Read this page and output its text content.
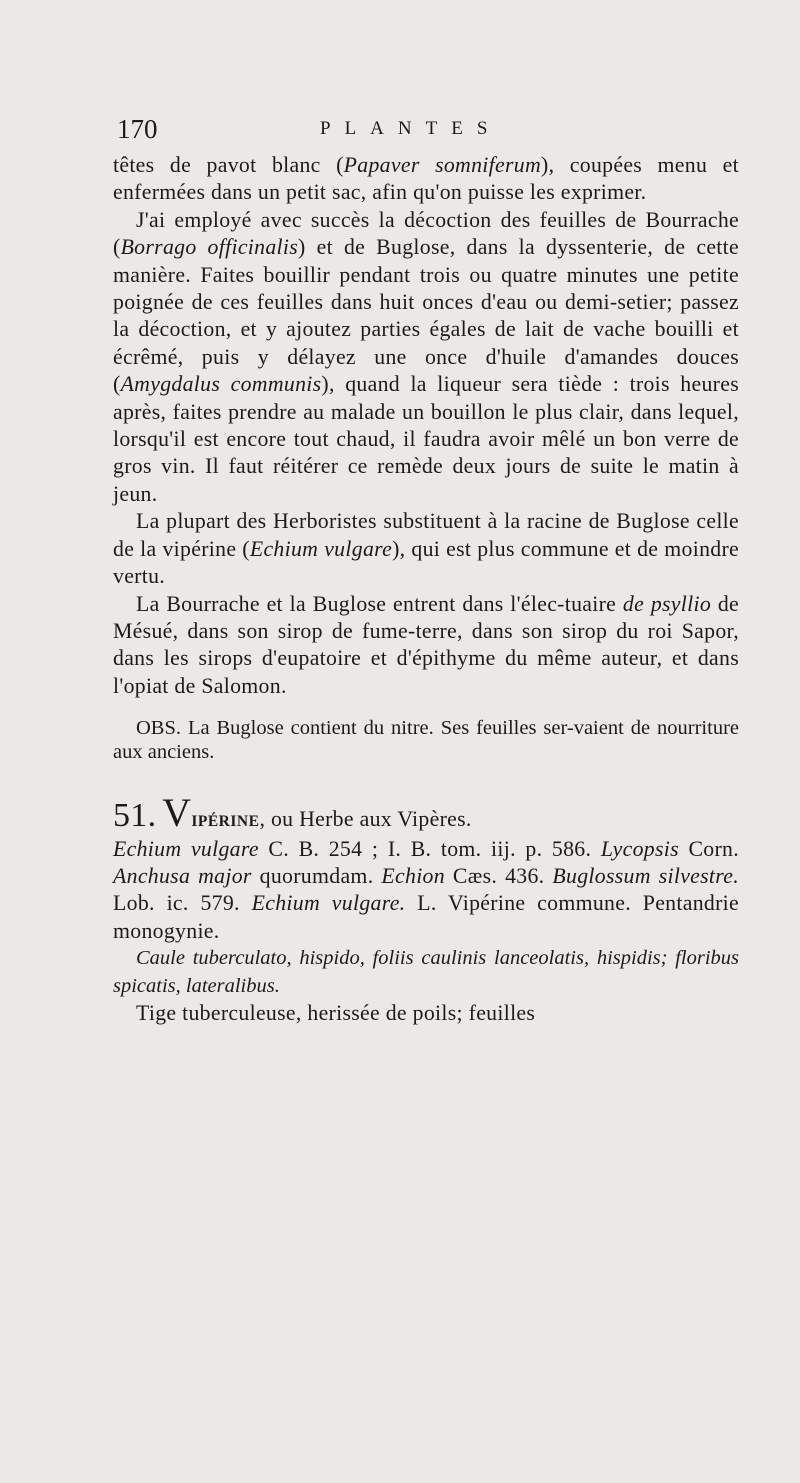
170	PLANTES

têtes de pavot blanc (Papaver somniferum), coupées menu et enfermées dans un petit sac, afin qu'on puisse les exprimer.

J'ai employé avec succès la décoction des feuilles de Bourrache (Borrago officinalis) et de Buglose, dans la dyssenterie, de cette manière. Faites bouillir pendant trois ou quatre minutes une petite poignée de ces feuilles dans huit onces d'eau ou demi-setier; passez la décoction, et y ajoutez parties égales de lait de vache bouilli et écrêmé, puis y délayez une once d'huile d'amandes douces (Amygdalus communis), quand la liqueur sera tiède : trois heures après, faites prendre au malade un bouillon le plus clair, dans lequel, lorsqu'il est encore tout chaud, il faudra avoir mêlé un bon verre de gros vin. Il faut réitérer ce remède deux jours de suite le matin à jeun.

La plupart des Herboristes substituent à la racine de Buglose celle de la vipérine (Echium vulgare), qui est plus commune et de moindre vertu.

La Bourrache et la Buglose entrent dans l'élec-tuaire de psyllio de Mésué, dans son sirop de fume-terre, dans son sirop du roi Sapor, dans les sirops d'eupatoire et d'épithyme du même auteur, et dans l'opiat de Salomon.

OBS. La Buglose contient du nitre. Ses feuilles ser-vaient de nourriture aux anciens.

51. VIPÉRINE, ou Herbe aux Vipères.
Echium vulgare C. B. 254 ; I. B. tom. iij. p. 586. Lycopsis Corn. Anchusa major quorumdam. Echion Cæs. 436. Buglossum silvestre. Lob. ic. 579. Echium vulgare. L. Vipérine commune. Pentandrie monogynie.

Caule tuberculato, hispido, foliis caulinis lanceolatis, hispidis; floribus spicatis, lateralibus.

Tige tuberculeuse, herissée de poils; feuilles
